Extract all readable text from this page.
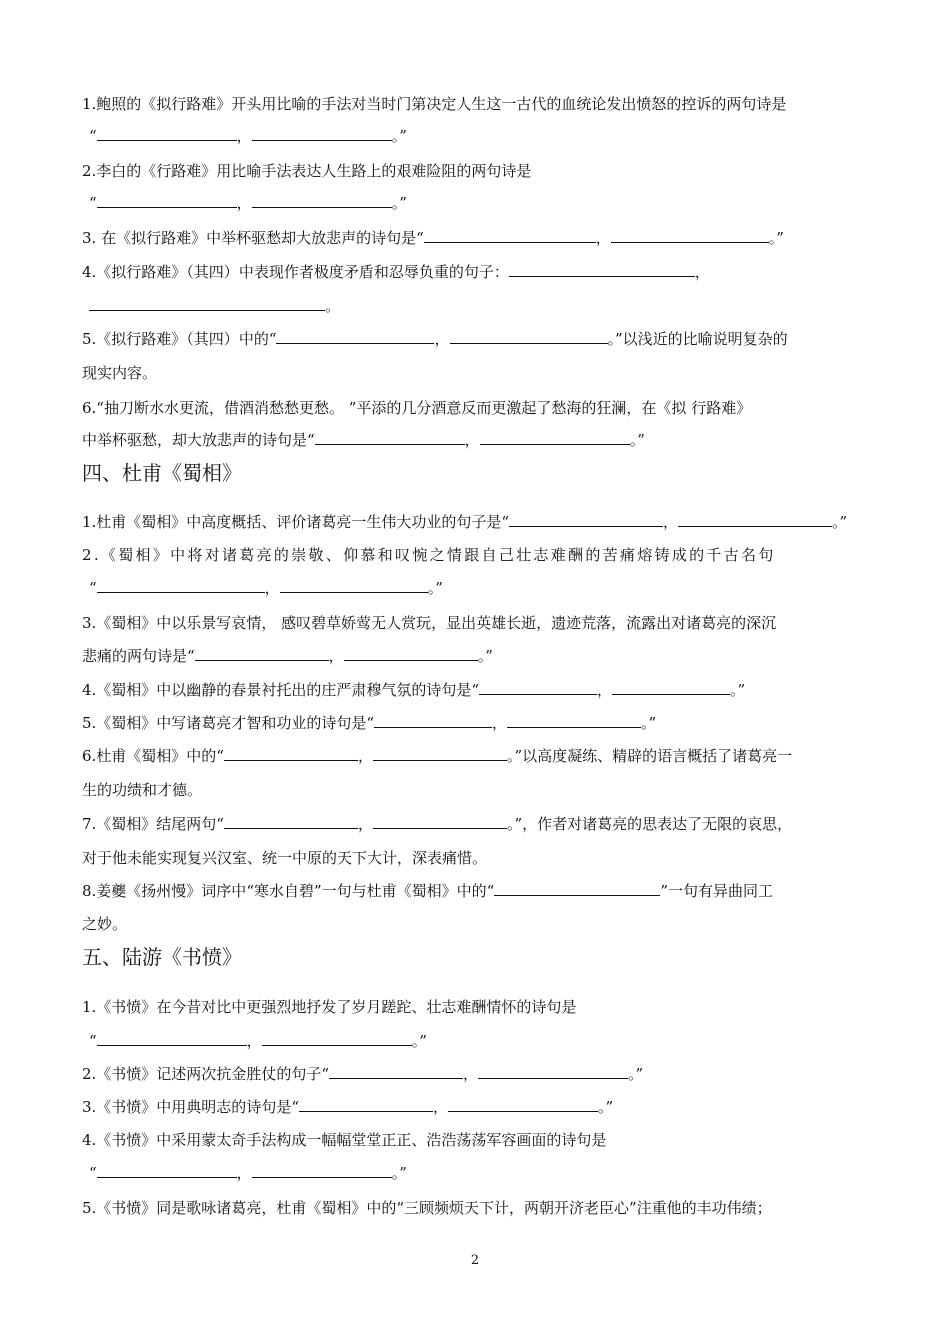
1.鲍照的《拟行路难》开头用比喻的手法对当时门第决定人生这一古代的血统论发出愤怒的控诉的两句诗是
“	，	。”
2.李白的《行路难》用比喻手法表达人生路上的艰难险阻的两句诗是
“	，	。”
3. 在《拟行路难》中举杯驱愁却大放悲声的诗句是“	，	。”
4.《拟行路难》（其四）中表现作者极度矛盾和忍辱负重的句子：	，
。
5.《拟行路难》（其四）中的“	，	。”以浅近的比喻说明复杂的
现实内容。
6.“抽刀断水水更流，借酒消愁愁更愁。 ”平添的几分酒意反而更激起了愁海的狂澜，在《拟 行路难》
中举杯驱愁，却大放悲声的诗句是“	，	。”
四、杜甫《蜀相》
1.杜甫《蜀相》中高度概括、评价诸葛亮一生伟大功业的句子是“	，	。”
2.《蜀相》中将对诸葛亮的崇敬、仰慕和叹惋之情跟自己壮志难酬的苦痛熔铸成的千古名句
“	，	。”
3.《蜀相》中以乐景写哀情， 感叹碧草娇莺无人赏玩，显出英雄长逝，遗迹荒落，流露出对诸葛亮的深沉
悲痛的两句诗是“	，	。”
4.《蜀相》中以幽静的春景衬托出的庄严肃穆气氛的诗句是“	，	。”
5.《蜀相》中写诸葛亮才智和功业的诗句是“	，	。”
6.杜甫《蜀相》中的“	，	。”以高度凝练、精辟的语言概括了诸葛亮一
生的功绩和才德。
7.《蜀相》结尾两句“	，	。”，作者对诸葛亮的思表达了无限的哀思，
对于他未能实现复兴汉室、统一中原的天下大计，深表痛惜。
8.姜夔《扬州慢》词序中“寒水自碧”一句与杜甫《蜀相》中的“	”一句有异曲同工
之妙。
五、陆游《书愤》
1.《书愤》在今昔对比中更强烈地抒发了岁月蹉跎、壮志难酬情怀的诗句是
“	，	。”
2.《书愤》记述两次抗金胜仗的句子“	，	。”
3.《书愤》中用典明志的诗句是“	，	。”
4.《书愤》中采用蒙太奇手法构成一幅幅堂堂正正、浩浩荡荡军容画面的诗句是
“	，	。”
5.《书愤》同是歌咏诸葛亮，杜甫《蜀相》中的“三顾频烦天下计，两朝开济老臣心”注重他的丰功伟绩；
2
